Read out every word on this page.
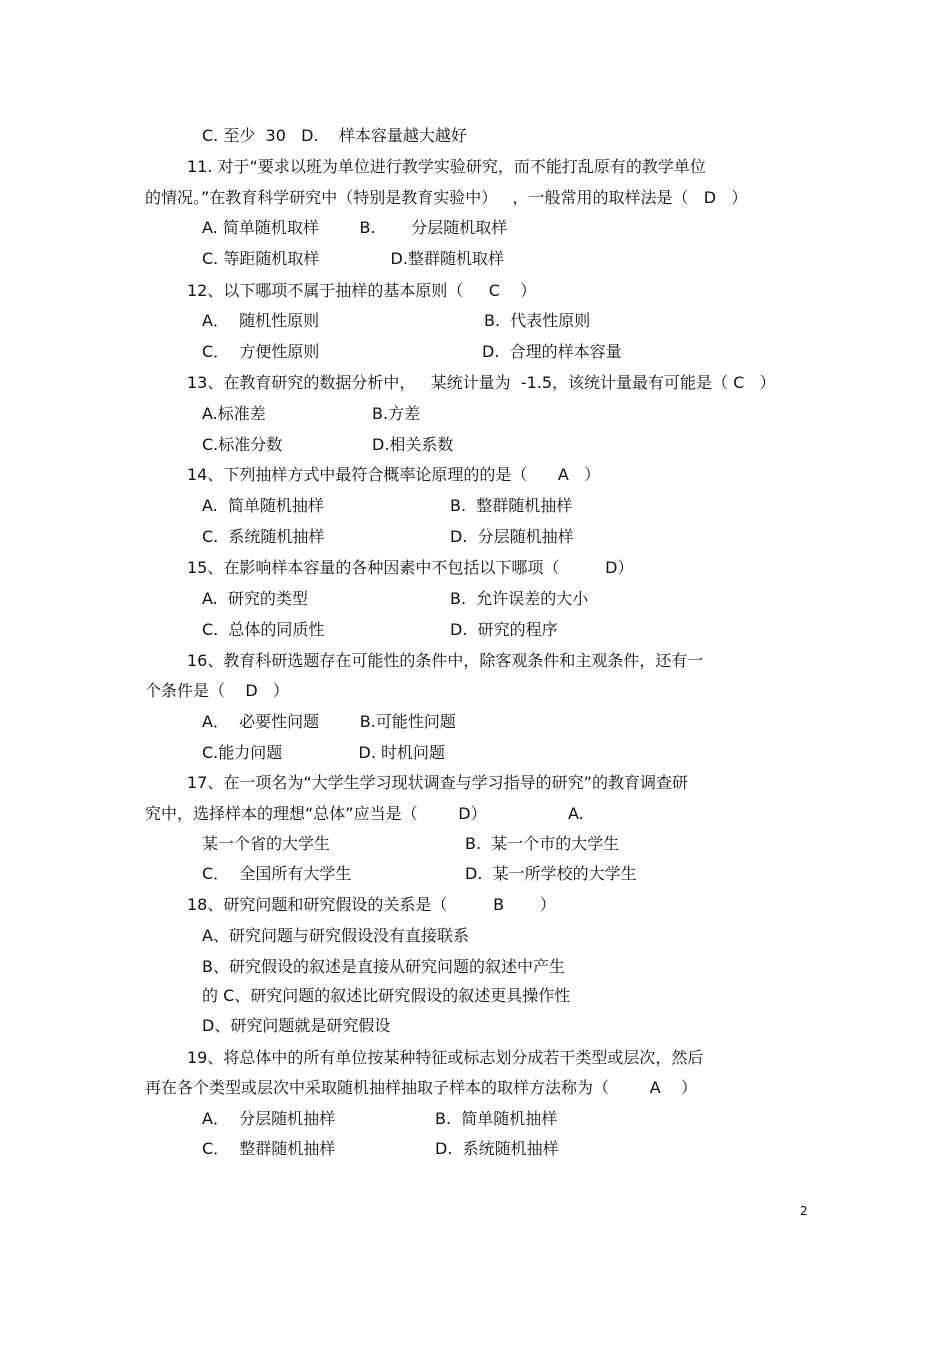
C. 至少  30   D.    样本容量越大越好
11. 对于“要求以班为单位进行教学实验研究，而不能打乱原有的教学单位
的情况。”在教育科学研究中（特别是教育实验中）   ，一般常用的取样法是（   D   ）
A. 简单随机取样        B.       分层随机取样
C. 等距随机取样              D.整群随机取样
12、以下哪项不属于抽样的基本原则（     C    ）
A．  随机性原则	B.  代表性原则
C．  方便性原则	D.  合理的样本容量
13、在教育研究的数据分析中，   某统计量为  -1.5，该统计量最有可能是（ C   ）
A.标准差	B.方差
C.标准分数	D.相关系数
14、下列抽样方式中最符合概率论原理的的是（      A   ）
A.  简单随机抽样	B.  整群随机抽样
C.  系统随机抽样	D.  分层随机抽样
15、在影响样本容量的各种因素中不包括以下哪项（         D）
A.  研究的类型	B.  允许误差的大小
C.  总体的同质性	D.  研究的程序
16、教育科研选题存在可能性的条件中，除客观条件和主观条件，还有一
个条件是（    D   ）
A．  必要性问题        B.可能性问题
C.能力问题               D. 时机问题
17、在一项名为“大学生学习现状调查与学习指导的研究”的教育调查研
究中，选择样本的理想“总体”应当是（        D）                A.
某一个省的大学生	B.  某一个市的大学生
C．  全国所有大学生	D.  某一所学校的大学生
18、研究问题和研究假设的关系是（         B       ）
A、研究问题与研究假设没有直接联系
B、研究假设的叙述是直接从研究问题的叙述中产生
的 C、研究问题的叙述比研究假设的叙述更具操作性
D、研究问题就是研究假设
19、将总体中的所有单位按某种特征或标志划分成若干类型或层次，然后
再在各个类型或层次中采取随机抽样抽取子样本的取样方法称为（        A    ）
A．  分层随机抽样	B.  简单随机抽样
C．  整群随机抽样	D.  系统随机抽样
2
